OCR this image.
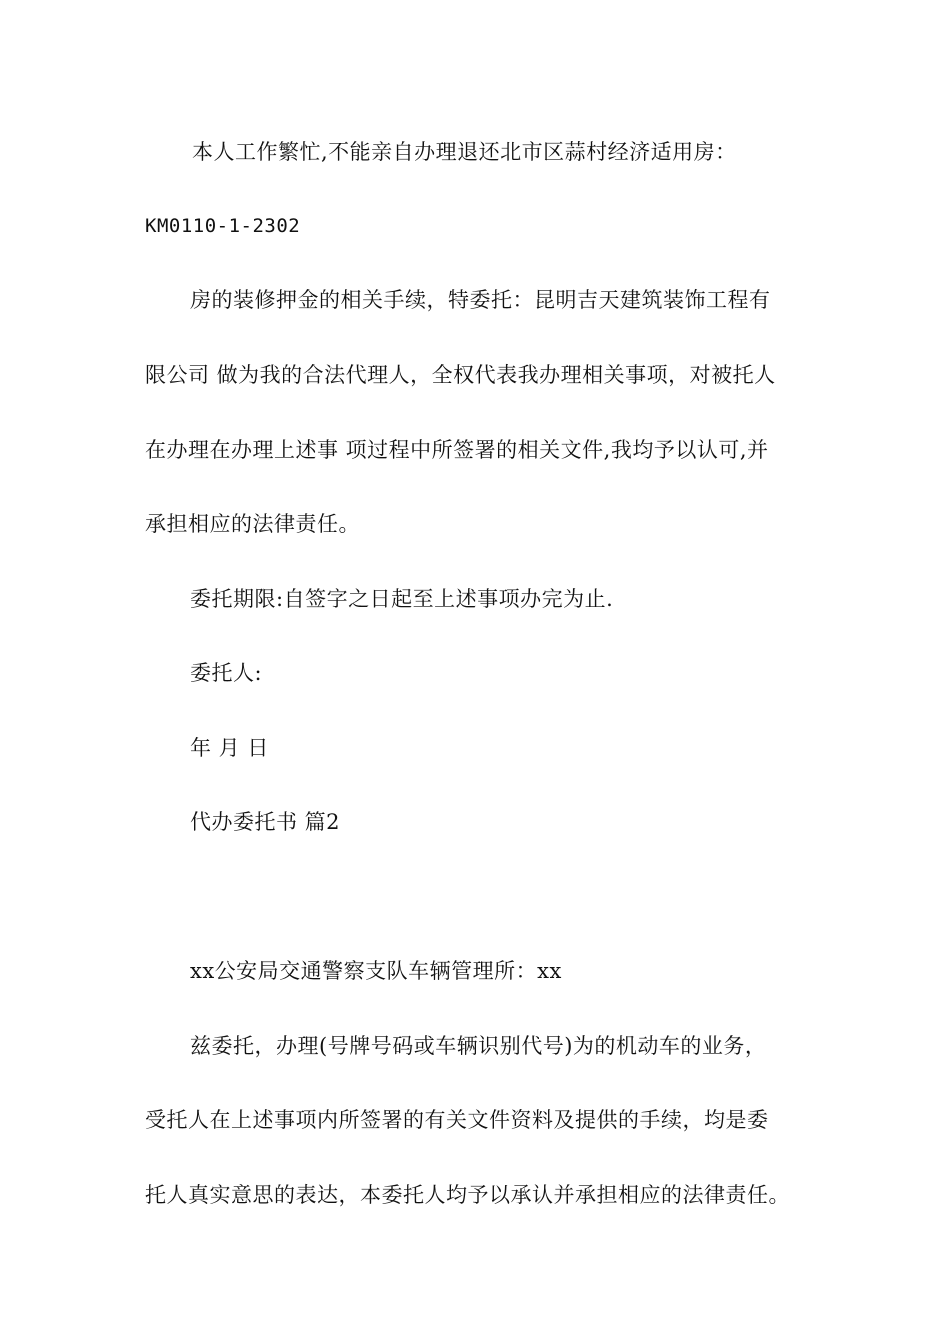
本人工作繁忙,不能亲自办理退还北市区蒜村经济适用房：
KM0110-1-2302
房的装修押金的相关手续，特委托：昆明吉天建筑装饰工程有
限公司 做为我的合法代理人，全权代表我办理相关事项，对被托人
在办理在办理上述事 项过程中所签署的相关文件,我均予以认可,并
承担相应的法律责任。
委托期限:自签字之日起至上述事项办完为止.
委托人:
年 月 日
代办委托书 篇2
xx公安局交通警察支队车辆管理所：xx
兹委托，办理(号牌号码或车辆识别代号)为的机动车的业务，
受托人在上述事项内所签署的有关文件资料及提供的手续，均是委
托人真实意思的表达，本委托人均予以承认并承担相应的法律责任。
